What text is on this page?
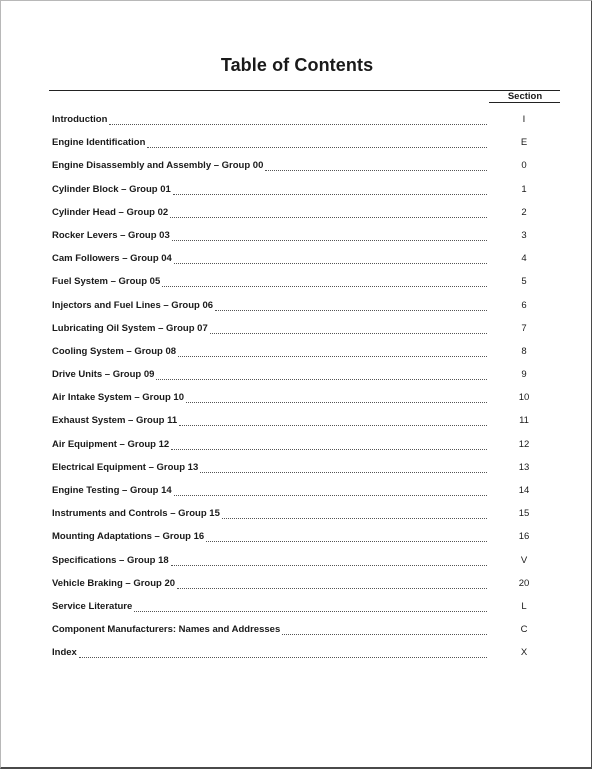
Table of Contents
Section
Introduction	I
Engine Identification	E
Engine Disassembly and Assembly – Group 00	0
Cylinder Block – Group 01	1
Cylinder Head – Group 02	2
Rocker Levers – Group 03	3
Cam Followers – Group 04	4
Fuel System – Group 05	5
Injectors and Fuel Lines – Group 06	6
Lubricating Oil System – Group 07	7
Cooling System – Group 08	8
Drive Units – Group 09	9
Air Intake System – Group 10	10
Exhaust System – Group 11	11
Air Equipment – Group 12	12
Electrical Equipment – Group 13	13
Engine Testing – Group 14	14
Instruments and Controls – Group 15	15
Mounting Adaptations – Group 16	16
Specifications – Group 18	V
Vehicle Braking – Group 20	20
Service Literature	L
Component Manufacturers: Names and Addresses	C
Index	X
